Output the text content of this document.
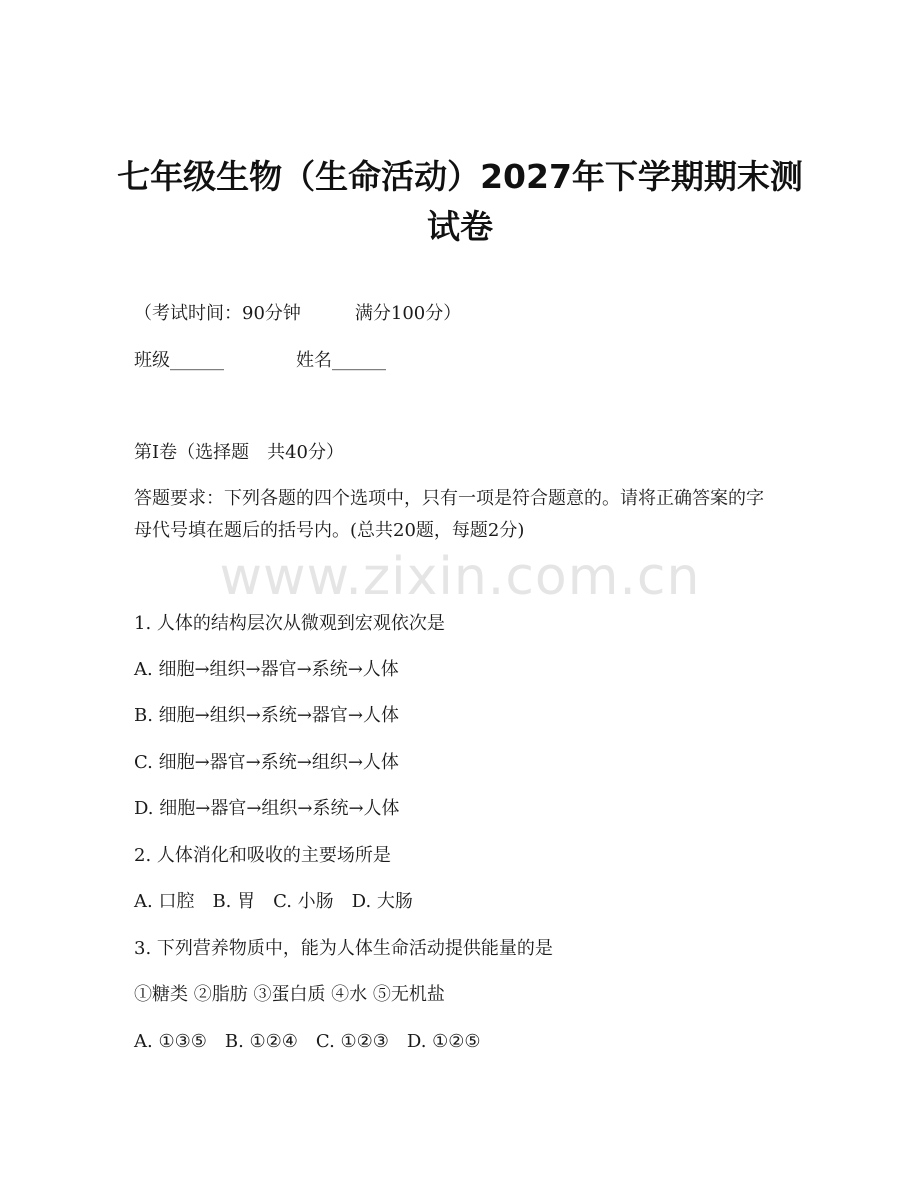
七年级生物（生命活动）2027年下学期期末测试卷
（考试时间：90分钟　　　满分100分）
班级______　　　　姓名______
第Ⅰ卷（选择题　共40分）
答题要求：下列各题的四个选项中，只有一项是符合题意的。请将正确答案的字母代号填在题后的括号内。(总共20题，每题2分)
1. 人体的结构层次从微观到宏观依次是
A. 细胞→组织→器官→系统→人体
B. 细胞→组织→系统→器官→人体
C. 细胞→器官→系统→组织→人体
D. 细胞→器官→组织→系统→人体
2. 人体消化和吸收的主要场所是
A. 口腔　B. 胃　C. 小肠　D. 大肠
3. 下列营养物质中，能为人体生命活动提供能量的是
①糖类 ②脂肪 ③蛋白质 ④水 ⑤无机盐
A. ①③⑤　B. ①②④　C. ①②③　D. ①②⑤
www.zixin.com.cn
